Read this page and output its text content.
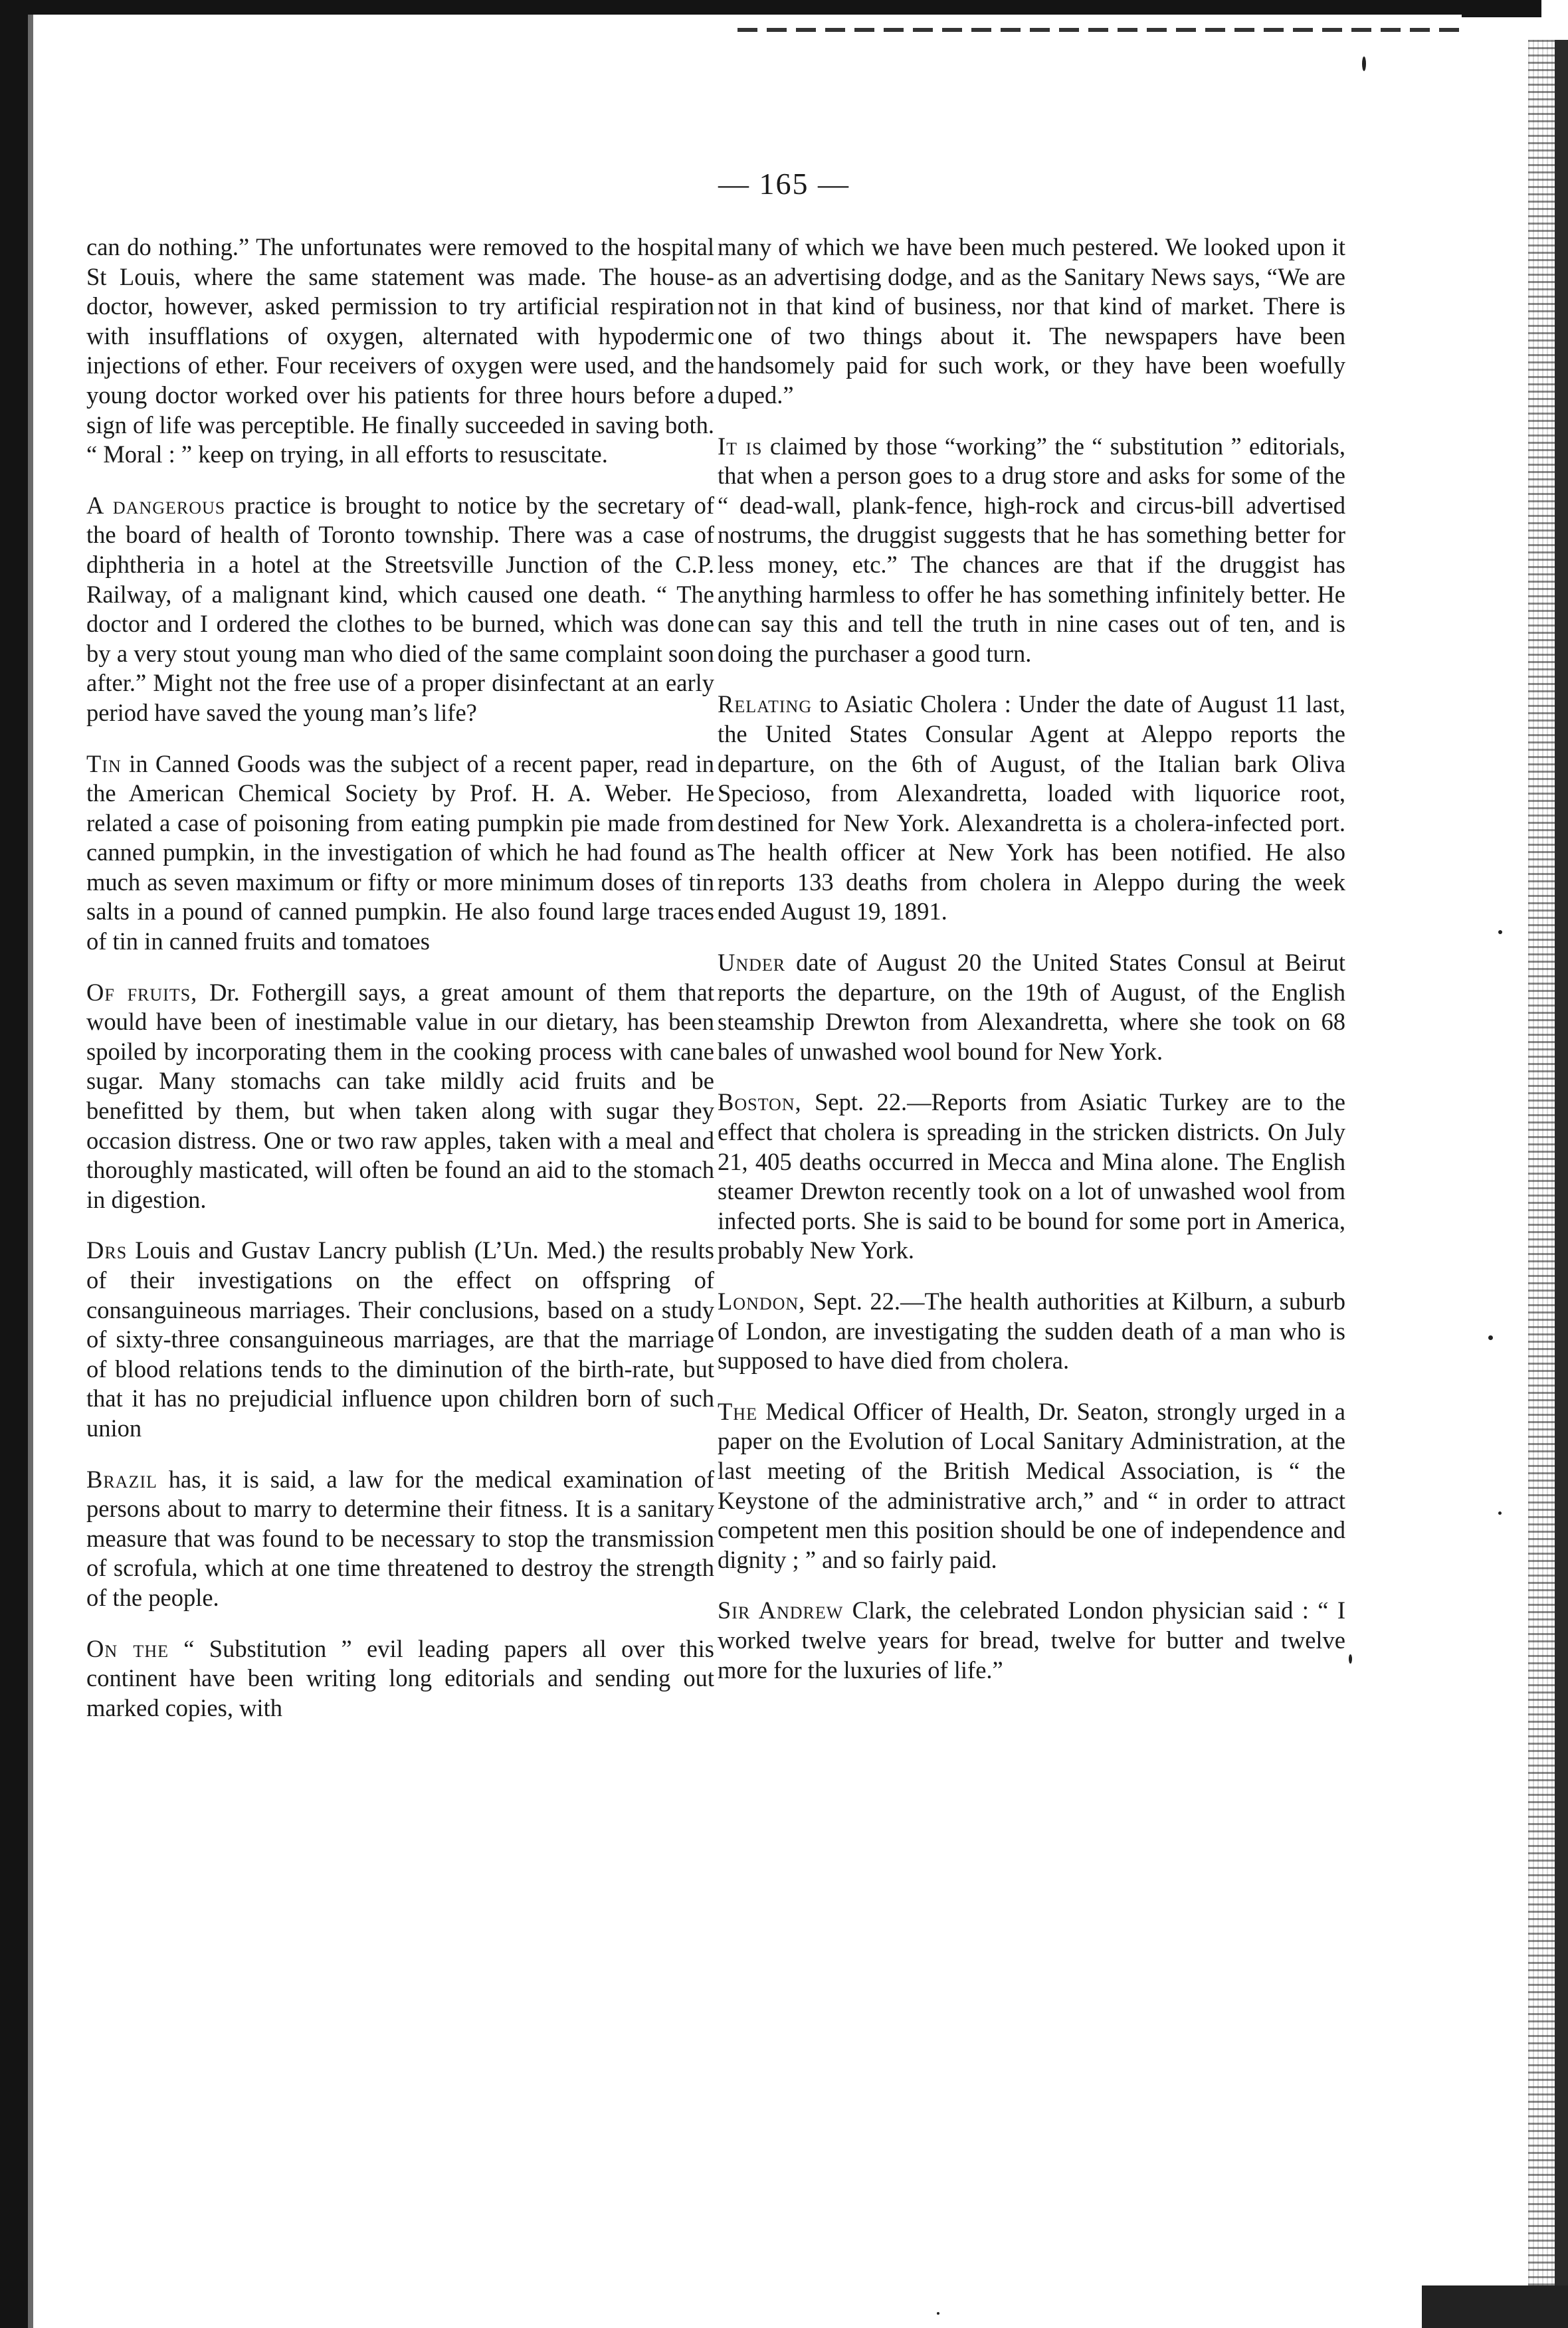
— 165 —

can do nothing.” The unfortunates were removed to the hospital St Louis, where the same statement was made. The house-doctor, however, asked permission to try artificial respiration with insufflations of oxygen, alternated with hypodermic injections of ether. Four receivers of oxygen were used, and the young doctor worked over his patients for three hours before a sign of life was perceptible. He finally succeeded in saving both. “ Moral : ” keep on trying, in all efforts to resuscitate.

A dangerous practice is brought to notice by the secretary of the board of health of Toronto township. There was a case of diphtheria in a hotel at the Streetsville Junction of the C.P. Railway, of a malignant kind, which caused one death. “ The doctor and I ordered the clothes to be burned, which was done by a very stout young man who died of the same complaint soon after.” Might not the free use of a proper disinfectant at an early period have saved the young man’s life?

Tin in Canned Goods was the subject of a recent paper, read in the American Chemical Society by Prof. H. A. Weber. He related a case of poisoning from eating pumpkin pie made from canned pumpkin, in the investigation of which he had found as much as seven maximum or fifty or more minimum doses of tin salts in a pound of canned pumpkin. He also found large traces of tin in canned fruits and tomatoes

Of fruits, Dr. Fothergill says, a great amount of them that would have been of inestimable value in our dietary, has been spoiled by incorporating them in the cooking process with cane sugar. Many stomachs can take mildly acid fruits and be benefitted by them, but when taken along with sugar they occasion distress. One or two raw apples, taken with a meal and thoroughly masticated, will often be found an aid to the stomach in digestion.

Drs Louis and Gustav Lancry publish (L’Un. Med.) the results of their investigations on the effect on offspring of consanguineous marriages. Their conclusions, based on a study of sixty-three consanguineous marriages, are that the marriage of blood relations tends to the diminution of the birth-rate, but that it has no prejudicial influence upon children born of such union

Brazil has, it is said, a law for the medical examination of persons about to marry to determine their fitness. It is a sanitary measure that was found to be necessary to stop the transmission of scrofula, which at one time threatened to destroy the strength of the people.

On the “ Substitution ” evil leading papers all over this continent have been writing long editorials and sending out marked copies, with

many of which we have been much pestered. We looked upon it as an advertising dodge, and as the Sanitary News says, “We are not in that kind of business, nor that kind of market. There is one of two things about it. The newspapers have been handsomely paid for such work, or they have been woefully duped.”

It is claimed by those “working” the “ substitution ” editorials, that when a person goes to a drug store and asks for some of the “ dead-wall, plank-fence, high-rock and circus-bill advertised nostrums, the druggist suggests that he has something better for less money, etc.” The chances are that if the druggist has anything harmless to offer he has something infinitely better. He can say this and tell the truth in nine cases out of ten, and is doing the purchaser a good turn.

Relating to Asiatic Cholera : Under the date of August 11 last, the United States Consular Agent at Aleppo reports the departure, on the 6th of August, of the Italian bark Oliva Specioso, from Alexandretta, loaded with liquorice root, destined for New York. Alexandretta is a cholera-infected port. The health officer at New York has been notified. He also reports 133 deaths from cholera in Aleppo during the week ended August 19, 1891.

Under date of August 20 the United States Consul at Beirut reports the departure, on the 19th of August, of the English steamship Drewton from Alexandretta, where she took on 68 bales of unwashed wool bound for New York.

Boston, Sept. 22.—Reports from Asiatic Turkey are to the effect that cholera is spreading in the stricken districts. On July 21, 405 deaths occurred in Mecca and Mina alone. The English steamer Drewton recently took on a lot of unwashed wool from infected ports. She is said to be bound for some port in America, probably New York.

London, Sept. 22.—The health authorities at Kilburn, a suburb of London, are investigating the sudden death of a man who is supposed to have died from cholera.

The Medical Officer of Health, Dr. Seaton, strongly urged in a paper on the Evolution of Local Sanitary Administration, at the last meeting of the British Medical Association, is “ the Keystone of the administrative arch,” and “ in order to attract competent men this position should be one of independence and dignity ; ” and so fairly paid.

Sir Andrew Clark, the celebrated London physician said : “ I worked twelve years for bread, twelve for butter and twelve more for the luxuries of life.”
